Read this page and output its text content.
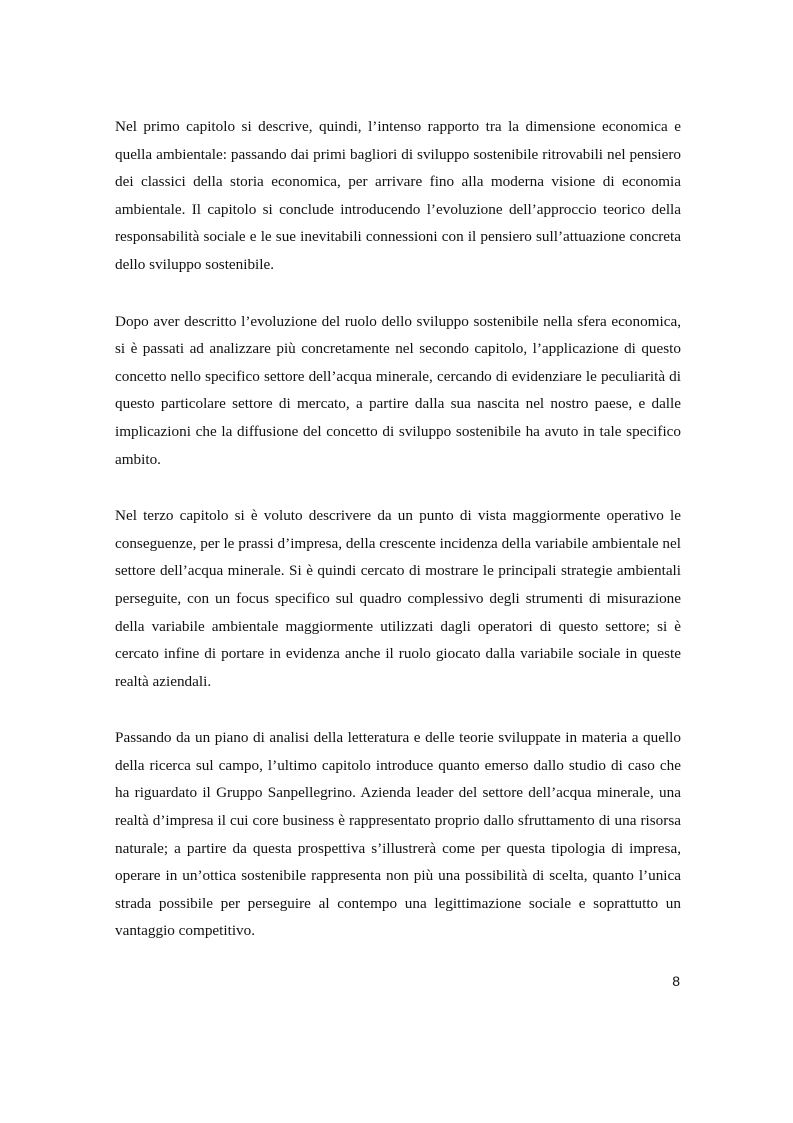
Nel primo capitolo si descrive, quindi, l’intenso rapporto tra la dimensione economica e quella ambientale: passando dai primi bagliori di sviluppo sostenibile ritrovabili nel pensiero dei classici della storia economica, per arrivare fino alla moderna visione di economia ambientale. Il capitolo si conclude introducendo l’evoluzione dell’approccio teorico della responsabilità sociale e le sue inevitabili connessioni con il pensiero sull’attuazione concreta dello sviluppo sostenibile.

Dopo aver descritto l’evoluzione del ruolo dello sviluppo sostenibile nella sfera economica, si è passati ad analizzare più concretamente nel secondo capitolo, l’applicazione di questo concetto nello specifico settore dell’acqua minerale, cercando di evidenziare le peculiarità di questo particolare settore di mercato, a partire dalla sua nascita nel nostro paese, e dalle implicazioni che la diffusione del concetto di sviluppo sostenibile ha avuto in tale specifico ambito.

Nel terzo capitolo si è voluto descrivere da un punto di vista maggiormente operativo le conseguenze, per le prassi d’impresa, della crescente incidenza della variabile ambientale nel settore dell’acqua minerale. Si è quindi cercato di mostrare le principali strategie ambientali perseguite, con un focus specifico sul quadro complessivo degli strumenti di misurazione della variabile ambientale maggiormente utilizzati dagli operatori di questo settore; si è cercato infine di portare in evidenza anche il ruolo giocato dalla variabile sociale in queste realtà aziendali.

Passando da un piano di analisi della letteratura e delle teorie sviluppate in materia a quello della ricerca sul campo, l’ultimo capitolo introduce quanto emerso dallo studio di caso che ha riguardato il Gruppo Sanpellegrino. Azienda leader del settore dell’acqua minerale, una realtà d’impresa il cui core business è rappresentato proprio dallo sfruttamento di una risorsa naturale; a partire da questa prospettiva s’illustrerà come per questa tipologia di impresa, operare in un’ottica sostenibile rappresenta non più una possibilità di scelta, quanto l’unica strada possibile per perseguire al contempo una legittimazione sociale e soprattutto un vantaggio competitivo.

8
